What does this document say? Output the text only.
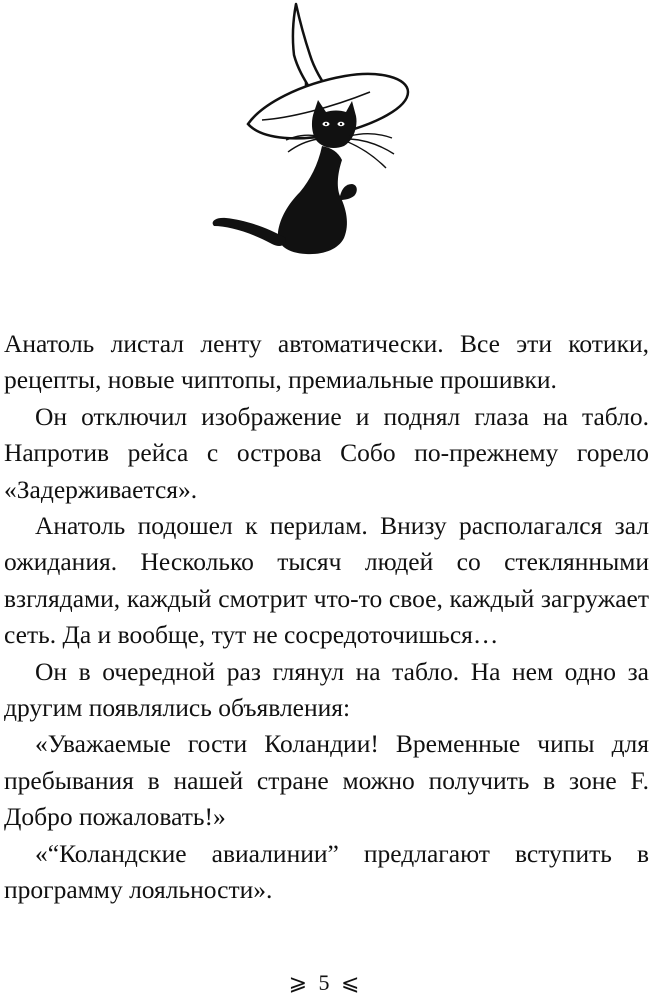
Анатоль листал ленту автоматически. Все эти котики, рецепты, новые чиптопы, премиальные прошивки.

Он отключил изображение и поднял глаза на табло. Напротив рейса с острова Собо по-прежнему горело «Задерживается».

Анатоль подошел к перилам. Внизу располагался зал ожидания. Несколько тысяч людей со стеклянными взглядами, каждый смотрит что-то свое, каждый загружает сеть. Да и вообще, тут не сосредоточишься…

Он в очередной раз глянул на табло. На нем одно за другим появлялись объявления:

«Уважаемые гости Коландии! Временные чипы для пребывания в нашей стране можно получить в зоне F. Добро пожаловать!»

«“Коландские авиалинии” предлагают вступить в программу лояльности».

⩾ 5 ⩽
